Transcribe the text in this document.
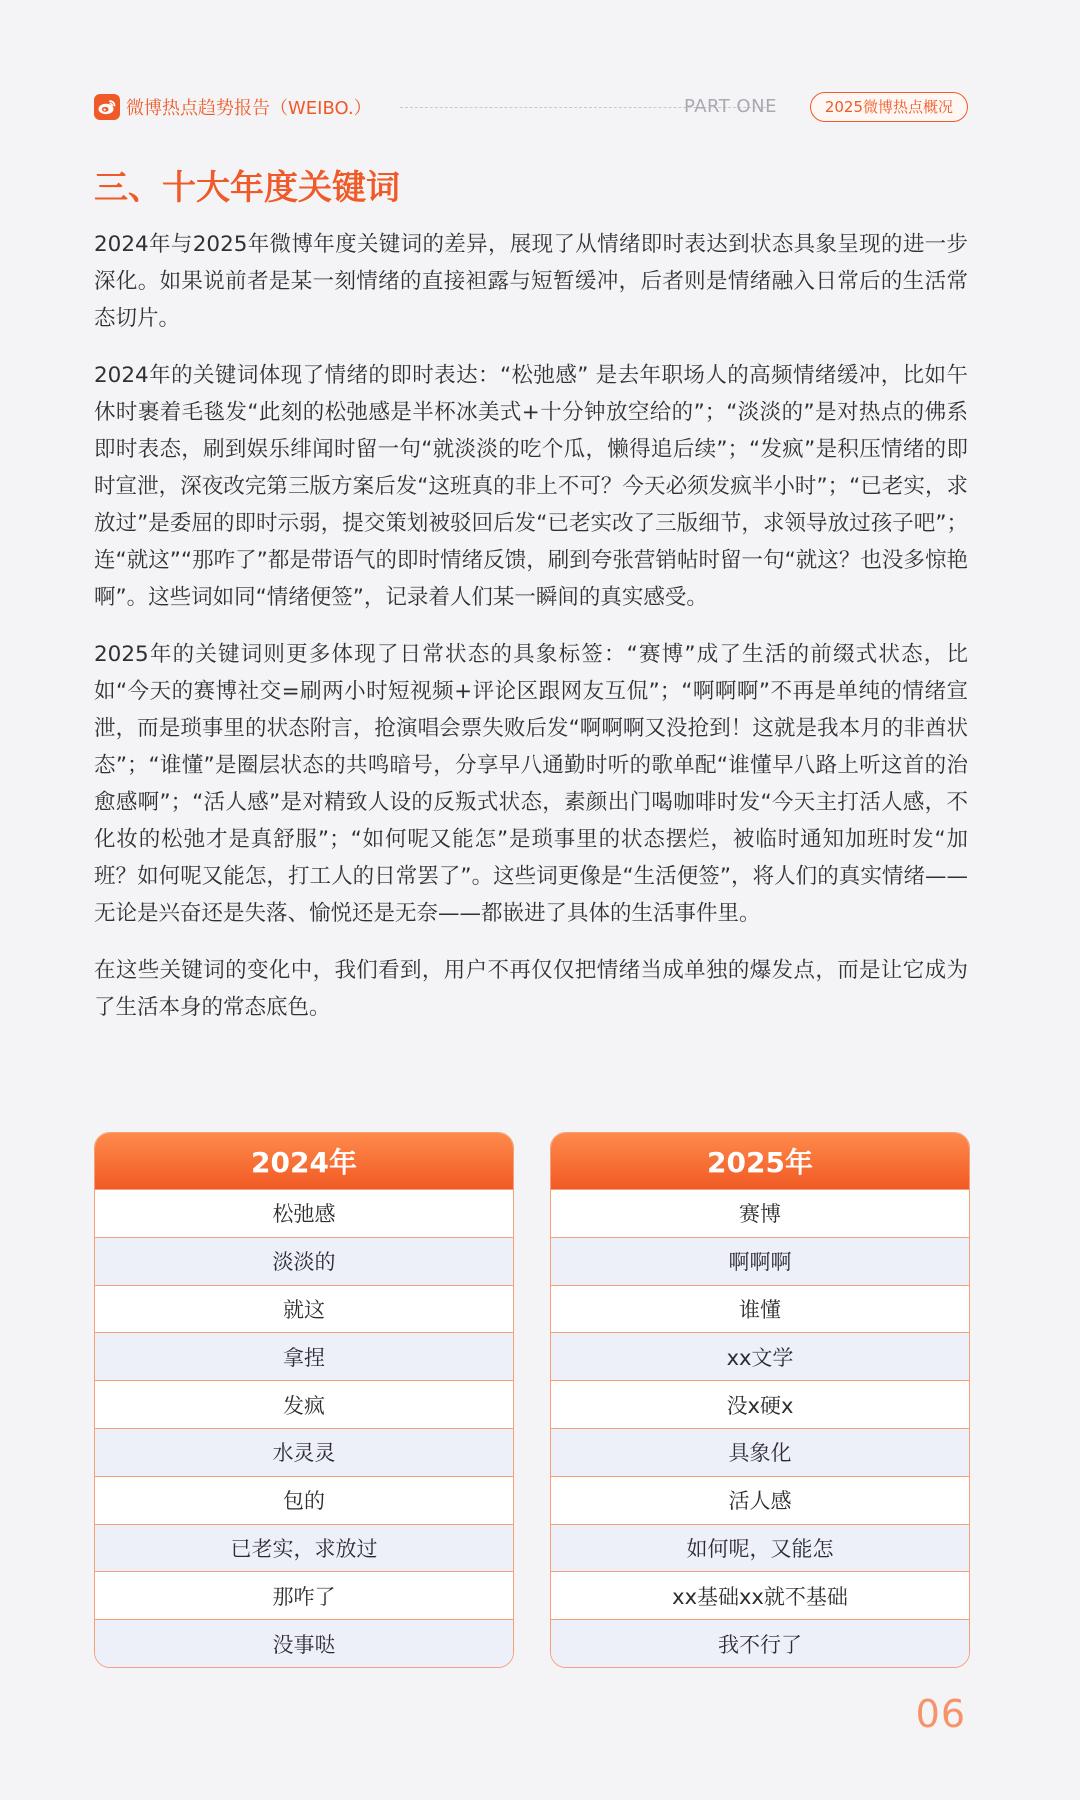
微博热点趋势报告（WEIBO.）	PART ONE	2025微博热点概况
三、十大年度关键词

2024年与2025年微博年度关键词的差异，展现了从情绪即时表达到状态具象呈现的进一步深化。如果说前者是某一刻情绪的直接袒露与短暂缓冲，后者则是情绪融入日常后的生活常态切片。

2024年的关键词体现了情绪的即时表达：“松弛感” 是去年职场人的高频情绪缓冲，比如午休时裹着毛毯发“此刻的松弛感是半杯冰美式+十分钟放空给的”；“淡淡的”是对热点的佛系即时表态，刷到娱乐绯闻时留一句“就淡淡的吃个瓜，懒得追后续”；“发疯”是积压情绪的即时宣泄，深夜改完第三版方案后发“这班真的非上不可？今天必须发疯半小时”；“已老实，求放过”是委屈的即时示弱，提交策划被驳回后发“已老实改了三版细节，求领导放过孩子吧”；连“就这”“那咋了”都是带语气的即时情绪反馈，刷到夸张营销帖时留一句“就这？也没多惊艳啊”。这些词如同“情绪便签”，记录着人们某一瞬间的真实感受。

2025年的关键词则更多体现了日常状态的具象标签：“赛博”成了生活的前缀式状态，比如“今天的赛博社交=刷两小时短视频+评论区跟网友互侃”；“啊啊啊”不再是单纯的情绪宣泄，而是琐事里的状态附言，抢演唱会票失败后发“啊啊啊又没抢到！这就是我本月的非酋状态”；“谁懂”是圈层状态的共鸣暗号，分享早八通勤时听的歌单配“谁懂早八路上听这首的治愈感啊”；“活人感”是对精致人设的反叛式状态，素颜出门喝咖啡时发“今天主打活人感，不化妆的松弛才是真舒服”；“如何呢又能怎”是琐事里的状态摆烂，被临时通知加班时发“加班？如何呢又能怎，打工人的日常罢了”。这些词更像是“生活便签”，将人们的真实情绪——无论是兴奋还是失落、愉悦还是无奈——都嵌进了具体的生活事件里。

在这些关键词的变化中，我们看到，用户不再仅仅把情绪当成单独的爆发点，而是让它成为了生活本身的常态底色。

2024年
松弛感
淡淡的
就这
拿捏
发疯
水灵灵
包的
已老实，求放过
那咋了
没事哒
2025年
赛博
啊啊啊
谁懂
xx文学
没x硬x
具象化
活人感
如何呢，又能怎
xx基础xx就不基础
我不行了
06
